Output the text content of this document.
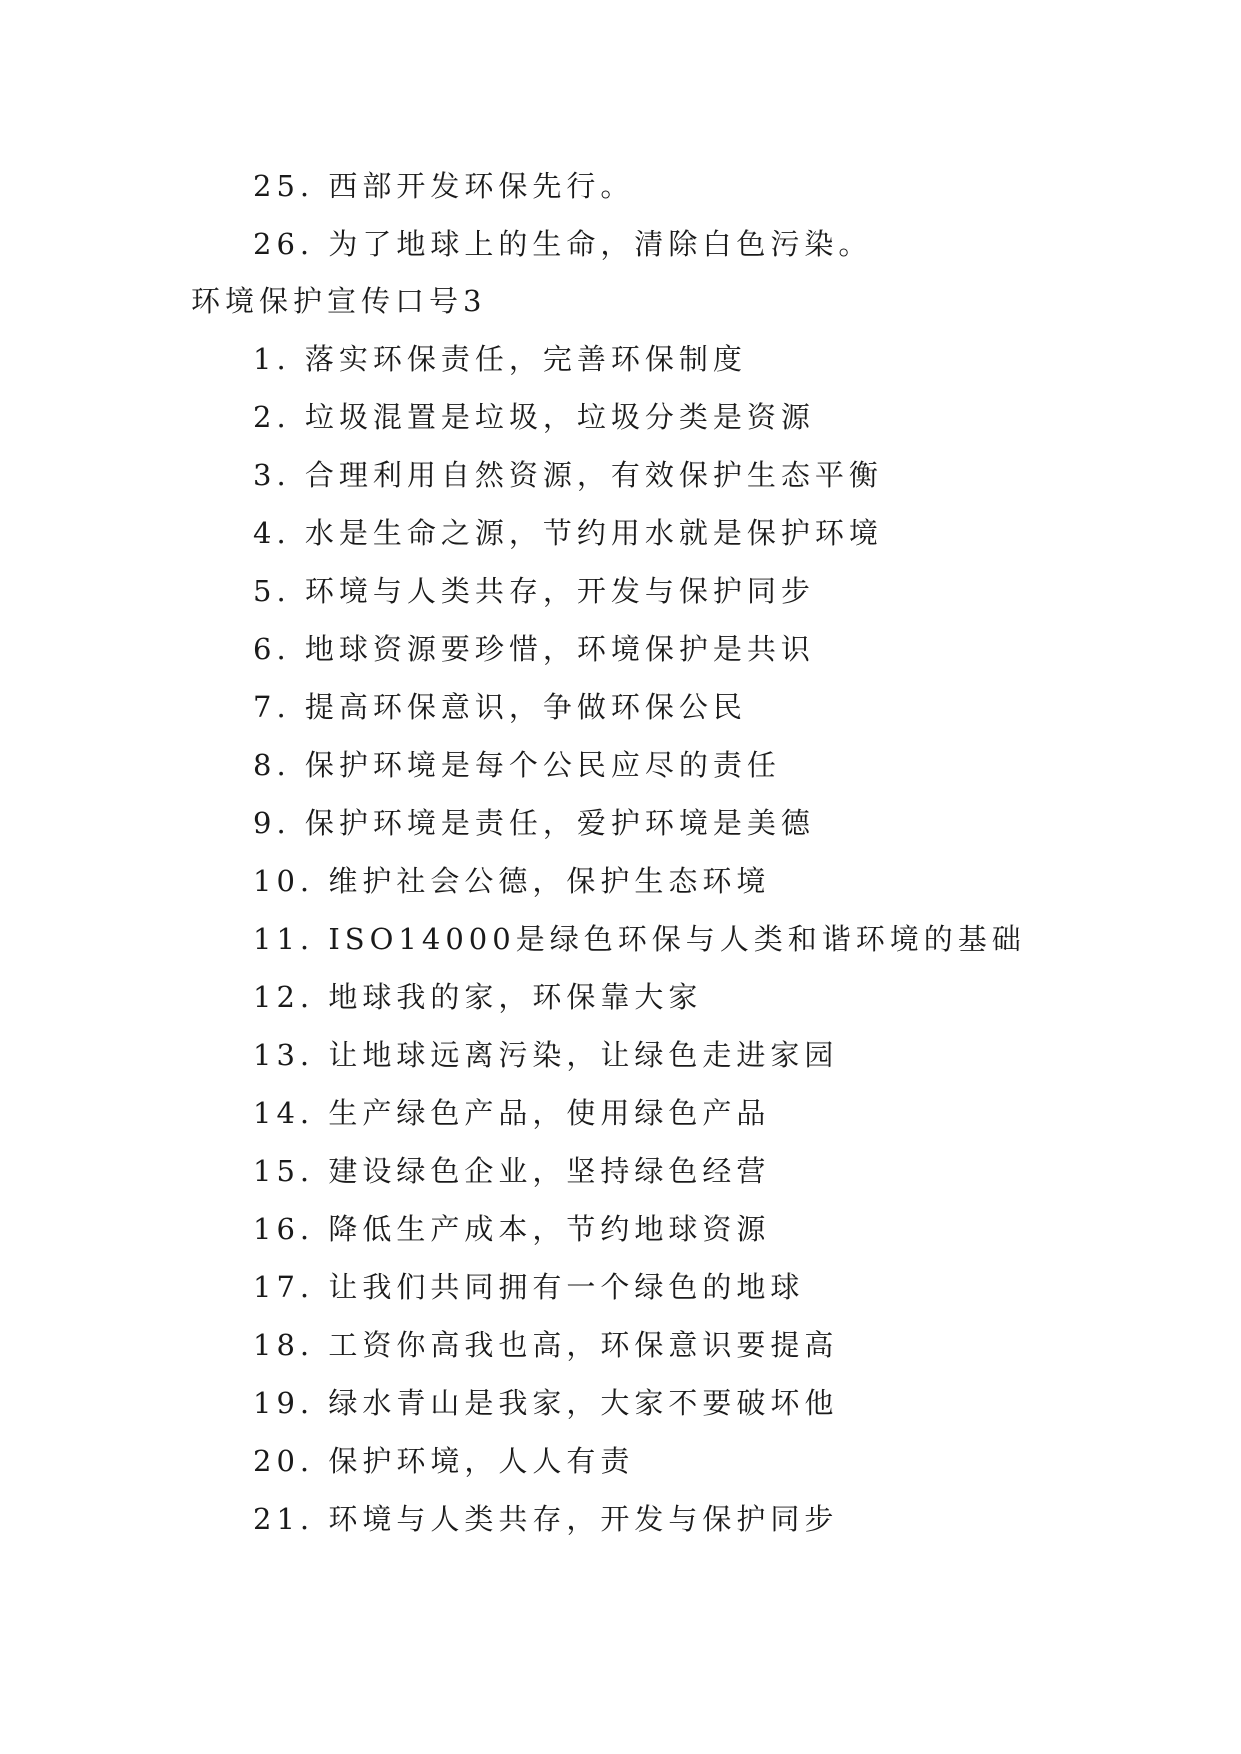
25. 西部开发环保先行。
26. 为了地球上的生命，清除白色污染。
环境保护宣传口号3
1. 落实环保责任，完善环保制度
2. 垃圾混置是垃圾，垃圾分类是资源
3. 合理利用自然资源，有效保护生态平衡
4. 水是生命之源，节约用水就是保护环境
5. 环境与人类共存，开发与保护同步
6. 地球资源要珍惜，环境保护是共识
7. 提高环保意识，争做环保公民
8. 保护环境是每个公民应尽的责任
9. 保护环境是责任，爱护环境是美德
10. 维护社会公德，保护生态环境
11. ISO14000是绿色环保与人类和谐环境的基础
12. 地球我的家，环保靠大家
13. 让地球远离污染，让绿色走进家园
14. 生产绿色产品，使用绿色产品
15. 建设绿色企业，坚持绿色经营
16. 降低生产成本，节约地球资源
17. 让我们共同拥有一个绿色的地球
18. 工资你高我也高，环保意识要提高
19. 绿水青山是我家，大家不要破坏他
20. 保护环境，人人有责
21. 环境与人类共存，开发与保护同步
